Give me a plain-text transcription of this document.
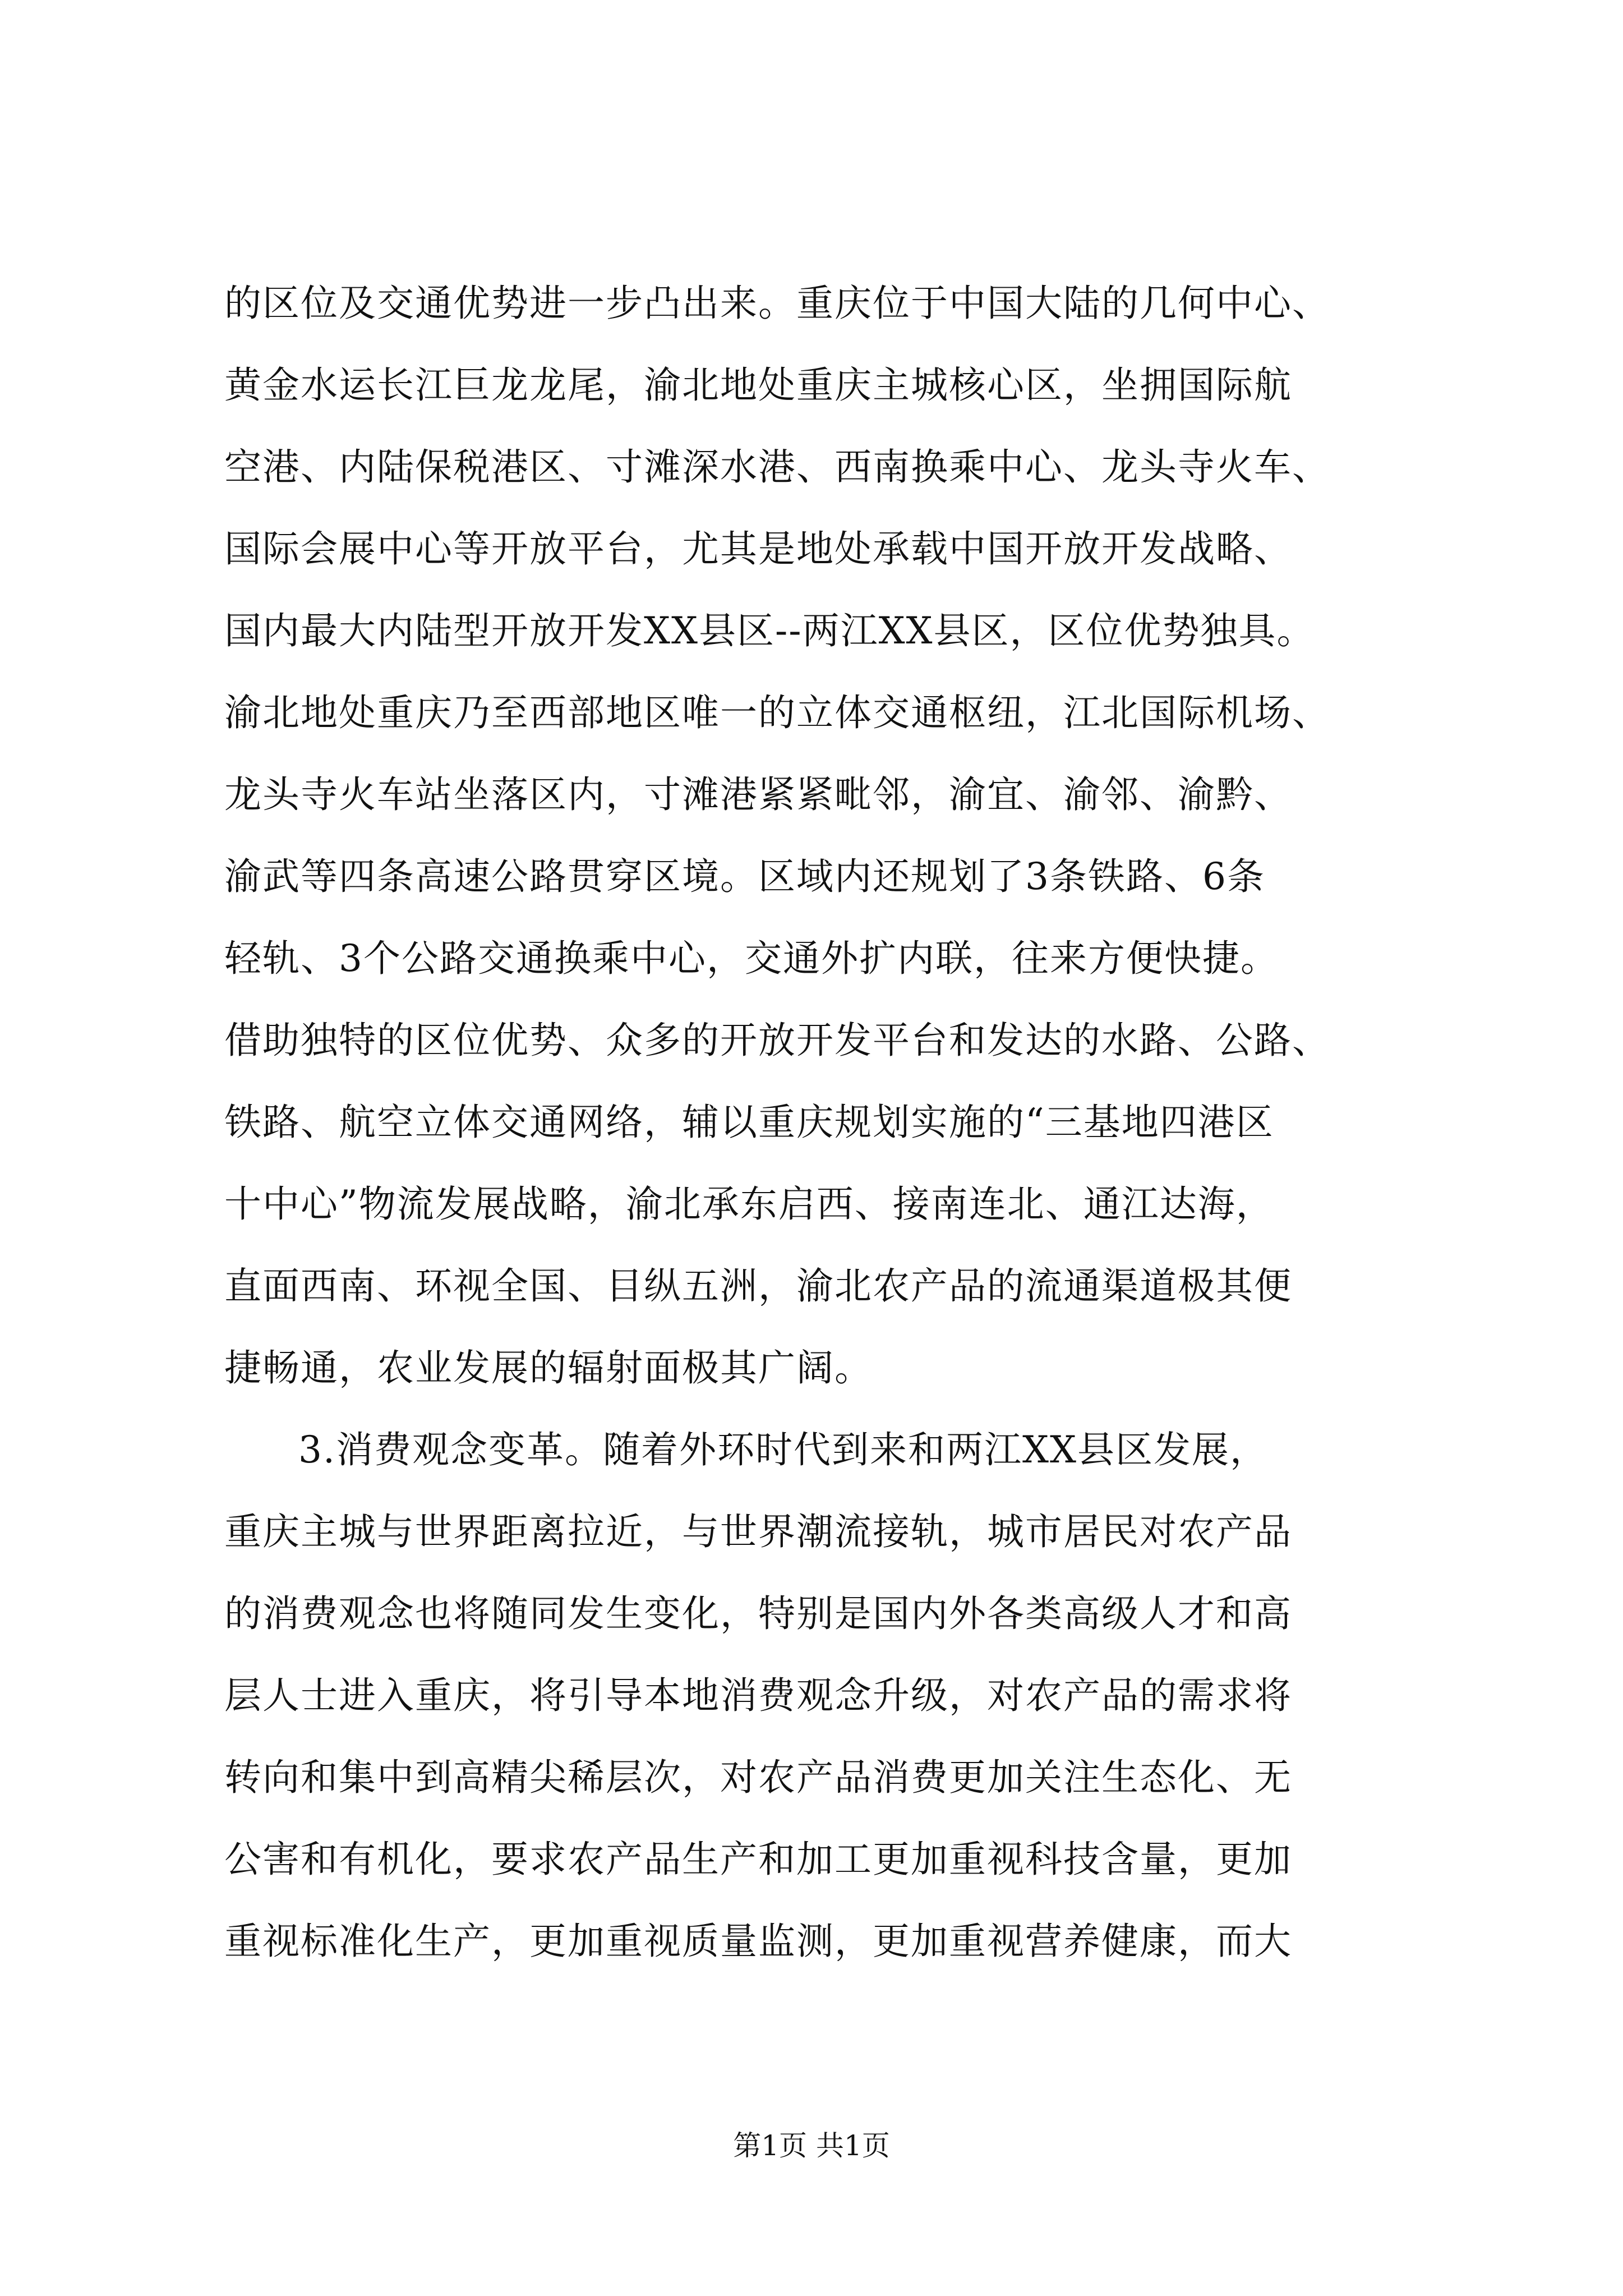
的区位及交通优势进一步凸出来。重庆位于中国大陆的几何中心、
黄金水运长江巨龙龙尾，渝北地处重庆主城核心区，坐拥国际航
空港、内陆保税港区、寸滩深水港、西南换乘中心、龙头寺火车、
国际会展中心等开放平台，尤其是地处承载中国开放开发战略、
国内最大内陆型开放开发XX县区--两江XX县区，区位优势独具。
渝北地处重庆乃至西部地区唯一的立体交通枢纽，江北国际机场、
龙头寺火车站坐落区内，寸滩港紧紧毗邻，渝宜、渝邻、渝黔、
渝武等四条高速公路贯穿区境。区域内还规划了3条铁路、6条
轻轨、3个公路交通换乘中心，交通外扩内联，往来方便快捷。
借助独特的区位优势、众多的开放开发平台和发达的水路、公路、
铁路、航空立体交通网络，辅以重庆规划实施的“三基地四港区
十中心”物流发展战略，渝北承东启西、接南连北、通江达海，
直面西南、环视全国、目纵五洲，渝北农产品的流通渠道极其便
捷畅通，农业发展的辐射面极其广阔。
3.消费观念变革。随着外环时代到来和两江XX县区发展，
重庆主城与世界距离拉近，与世界潮流接轨，城市居民对农产品
的消费观念也将随同发生变化，特别是国内外各类高级人才和高
层人士进入重庆，将引导本地消费观念升级，对农产品的需求将
转向和集中到高精尖稀层次，对农产品消费更加关注生态化、无
公害和有机化，要求农产品生产和加工更加重视科技含量，更加
重视标准化生产，更加重视质量监测，更加重视营养健康，而大
第1页 共1页
